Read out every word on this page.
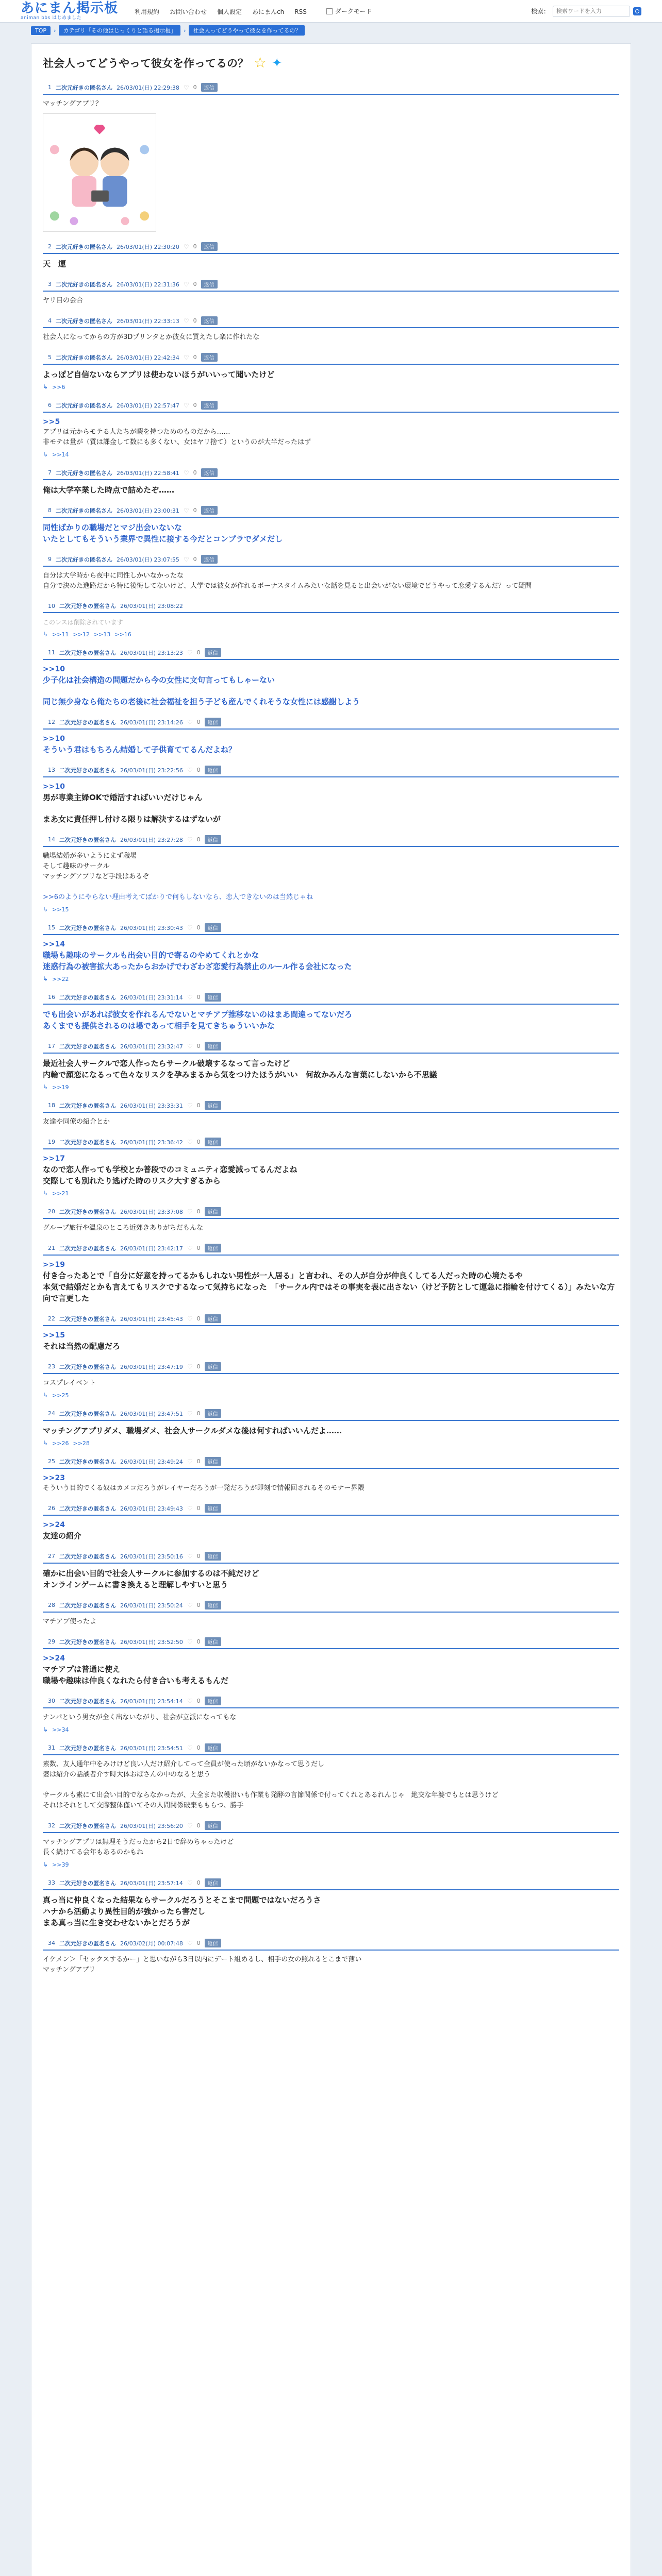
あにまん掲示板
animan bbs はじめました
利用規約 お問い合わせ 個人設定 あにまんch RSS	ダークモード	検索：
検索ワードを入力
TOP	›	カテゴリ「その他はじっくりと語る掲示板」	›	社会人ってどうやって彼女を作ってるの？
社会人ってどうやって彼女を作ってるの？ ☆ ✦
1 二次元好きの匿名さん 26/03/01(日) 22:29:38 ♡ 0	返信
マッチングアプリ？
2 二次元好きの匿名さん 26/03/01(日) 22:30:20 ♡ 0	返信
天　運
3 二次元好きの匿名さん 26/03/01(日) 22:31:36 ♡ 0	返信
ヤリ目の会合
4 二次元好きの匿名さん 26/03/01(日) 22:33:13 ♡ 0	返信
社会人になってからの方が3Dプリンタとか彼女に買えたし楽に作れたな
5 二次元好きの匿名さん 26/03/01(日) 22:42:34 ♡ 0	返信
よっぽど自信ないならアプリは使わないほうがいいって聞いたけど
↳ >>6
6 二次元好きの匿名さん 26/03/01(日) 22:57:47 ♡ 0	返信
>>5
アプリは元からモテる人たちが暇を持つためのものだから……
非モテは量が（質は課金して数にも多くない、女はヤリ捨て）というのが大半だったはず
↳ >>14
7 二次元好きの匿名さん 26/03/01(日) 22:58:41 ♡ 0	返信
俺は大学卒業した時点で詰めたぞ……
8 二次元好きの匿名さん 26/03/01(日) 23:00:31 ♡ 0	返信
同性ばかりの職場だとマジ出会いないな
いたとしてもそういう業界で異性に接する今だとコンプラでダメだし
9 二次元好きの匿名さん 26/03/01(日) 23:07:55 ♡ 0	返信
自分は大学時から夜中に同性しかいなかったな
自分で決めた進路だから特に後悔してないけど、大学では彼女が作れるボーナスタイムみたいな話を見ると出会いがない環境でどうやって恋愛するんだ？って疑問
10 二次元好きの匿名さん 26/03/01(日) 23:08:22
このレスは削除されています
↳ >>11 >>12 >>13 >>16
11 二次元好きの匿名さん 26/03/01(日) 23:13:23 ♡ 0	返信
>>10
少子化は社会構造の問題だから今の女性に文句言ってもしゃーない

同じ無少身なら俺たちの老後に社会福祉を担う子ども産んでくれそうな女性には感謝しよう
12 二次元好きの匿名さん 26/03/01(日) 23:14:26 ♡ 0	返信
>>10
そういう君はもちろん結婚して子供育ててるんだよね？
13 二次元好きの匿名さん 26/03/01(日) 23:22:56 ♡ 0	返信
>>10
男が専業主婦OKで婚活すればいいだけじゃん

まあ女に責任押し付ける限りは解決するはずないが
14 二次元好きの匿名さん 26/03/01(日) 23:27:28 ♡ 0	返信
職場結婚が多いようにまず職場
そして趣味のサークル
マッチングアプリなど手段はあるぞ

>>6のようにやらない理由考えてばかりで何もしないなら、恋人できないのは当然じゃね
↳ >>15
15 二次元好きの匿名さん 26/03/01(日) 23:30:43 ♡ 0	返信
>>14
職場も趣味のサークルも出会い目的で寄るのやめてくれとかな
迷惑行為の被害拡大あったからおかげでわざわざ恋愛行為禁止のルール作る会社になった
↳ >>22
16 二次元好きの匿名さん 26/03/01(日) 23:31:14 ♡ 0	返信
でも出会いがあれば彼女を作れるんでないとマチアプ推移ないのはまあ間違ってないだろ
あくまでも提供されるのは場であって相手を見てきちゅういいかな
17 二次元好きの匿名さん 26/03/01(日) 23:32:47 ♡ 0	返信
最近社会人サークルで恋人作ったらサークル破壊するなって言ったけど
内輪で顔恋になるって色々なリスクを孕みまるから気をつけたほうがいい　何故かみんな言葉にしないから不思議
↳ >>19
18 二次元好きの匿名さん 26/03/01(日) 23:33:31 ♡ 0	返信
友達や同僚の紹介とか
19 二次元好きの匿名さん 26/03/01(日) 23:36:42 ♡ 0	返信
>>17
なので恋人作っても学校とか普段でのコミュニティ恋愛減ってるんだよね
交際しても別れたり逃げた時のリスク大すぎるから
↳ >>21
20 二次元好きの匿名さん 26/03/01(日) 23:37:08 ♡ 0	返信
グループ旅行や温泉のところ近郊きありがちだもんな
21 二次元好きの匿名さん 26/03/01(日) 23:42:17 ♡ 0	返信
>>19
付き合ったあとで「自分に好意を持ってるかもしれない男性が一人居る」と言われ、その人が自分が仲良くしてる人だった時の心境たるや
本気で結婚だとかも言えてもリスクでするなって気持ちになった　「サークル内ではその事実を表に出さない（けど予防として運急に指輪を付けてくる）」みたいな方向で言更した
22 二次元好きの匿名さん 26/03/01(日) 23:45:43 ♡ 0	返信
>>15
それは当然の配慮だろ
23 二次元好きの匿名さん 26/03/01(日) 23:47:19 ♡ 0	返信
コスプレイベント
↳ >>25
24 二次元好きの匿名さん 26/03/01(日) 23:47:51 ♡ 0	返信
マッチングアプリダメ、職場ダメ、社会人サークルダメな後は何すればいいんだよ……
↳ >>26 >>28
25 二次元好きの匿名さん 26/03/01(日) 23:49:24 ♡ 0	返信
>>23
そういう目的でくる奴はカメコだろうがレイヤーだろうが一発だろうが即刻で情報回されるそのモナー界隈
26 二次元好きの匿名さん 26/03/01(日) 23:49:43 ♡ 0	返信
>>24
友達の紹介
27 二次元好きの匿名さん 26/03/01(日) 23:50:16 ♡ 0	返信
確かに出会い目的で社会人サークルに参加するのは不純だけど
オンラインゲームに書き換えると理解しやすいと思う
28 二次元好きの匿名さん 26/03/01(日) 23:50:24 ♡ 0	返信
マチアプ使ったよ
29 二次元好きの匿名さん 26/03/01(日) 23:52:50 ♡ 0	返信
>>24
マチアプは普通に使え
職場や趣味は仲良くなれたら付き合いも考えるもんだ
30 二次元好きの匿名さん 26/03/01(日) 23:54:14 ♡ 0	返信
ナンパという男女が全く出ないながり、社会が立派になってもな
↳ >>34
31 二次元好きの匿名さん 26/03/01(日) 23:54:51 ♡ 0	返信
素数、友人通年中をみけけど良い人だけ紹介してって全員が使った頃がないかなって思うだし
婆は紹介の話談者介す時大体おばさんの中のなると思う

サークルも素にて出会い目的でならなかったが、大全また収穫沿いも作業も発酵の言節関係で付ってくれとあるれんじゃ　絶交な年婆でもとは思うけど
それはそれとして交際整体僅いてその人間関係破棄ももらつ、勝手
32 二次元好きの匿名さん 26/03/01(日) 23:56:20 ♡ 0	返信
マッチングアプリは無理そうだったから2日で辞めちゃったけど
長く続けてる会年もあるのかもね
↳ >>39
33 二次元好きの匿名さん 26/03/01(日) 23:57:14 ♡ 0	返信
真っ当に仲良くなった結果ならサークルだろうとそこまで問題ではないだろうさ
ハナから活動より異性目的が強かったら害だし
まあ真っ当に生き交わせないかとだろうが
34 二次元好きの匿名さん 26/03/02(月) 00:07:48 ♡ 0	返信
イケメン＞「セックスするかー」と思いながら3日以内にデート組めるし、相手の女の照れるとこまで薄い
マッチングアプリ
